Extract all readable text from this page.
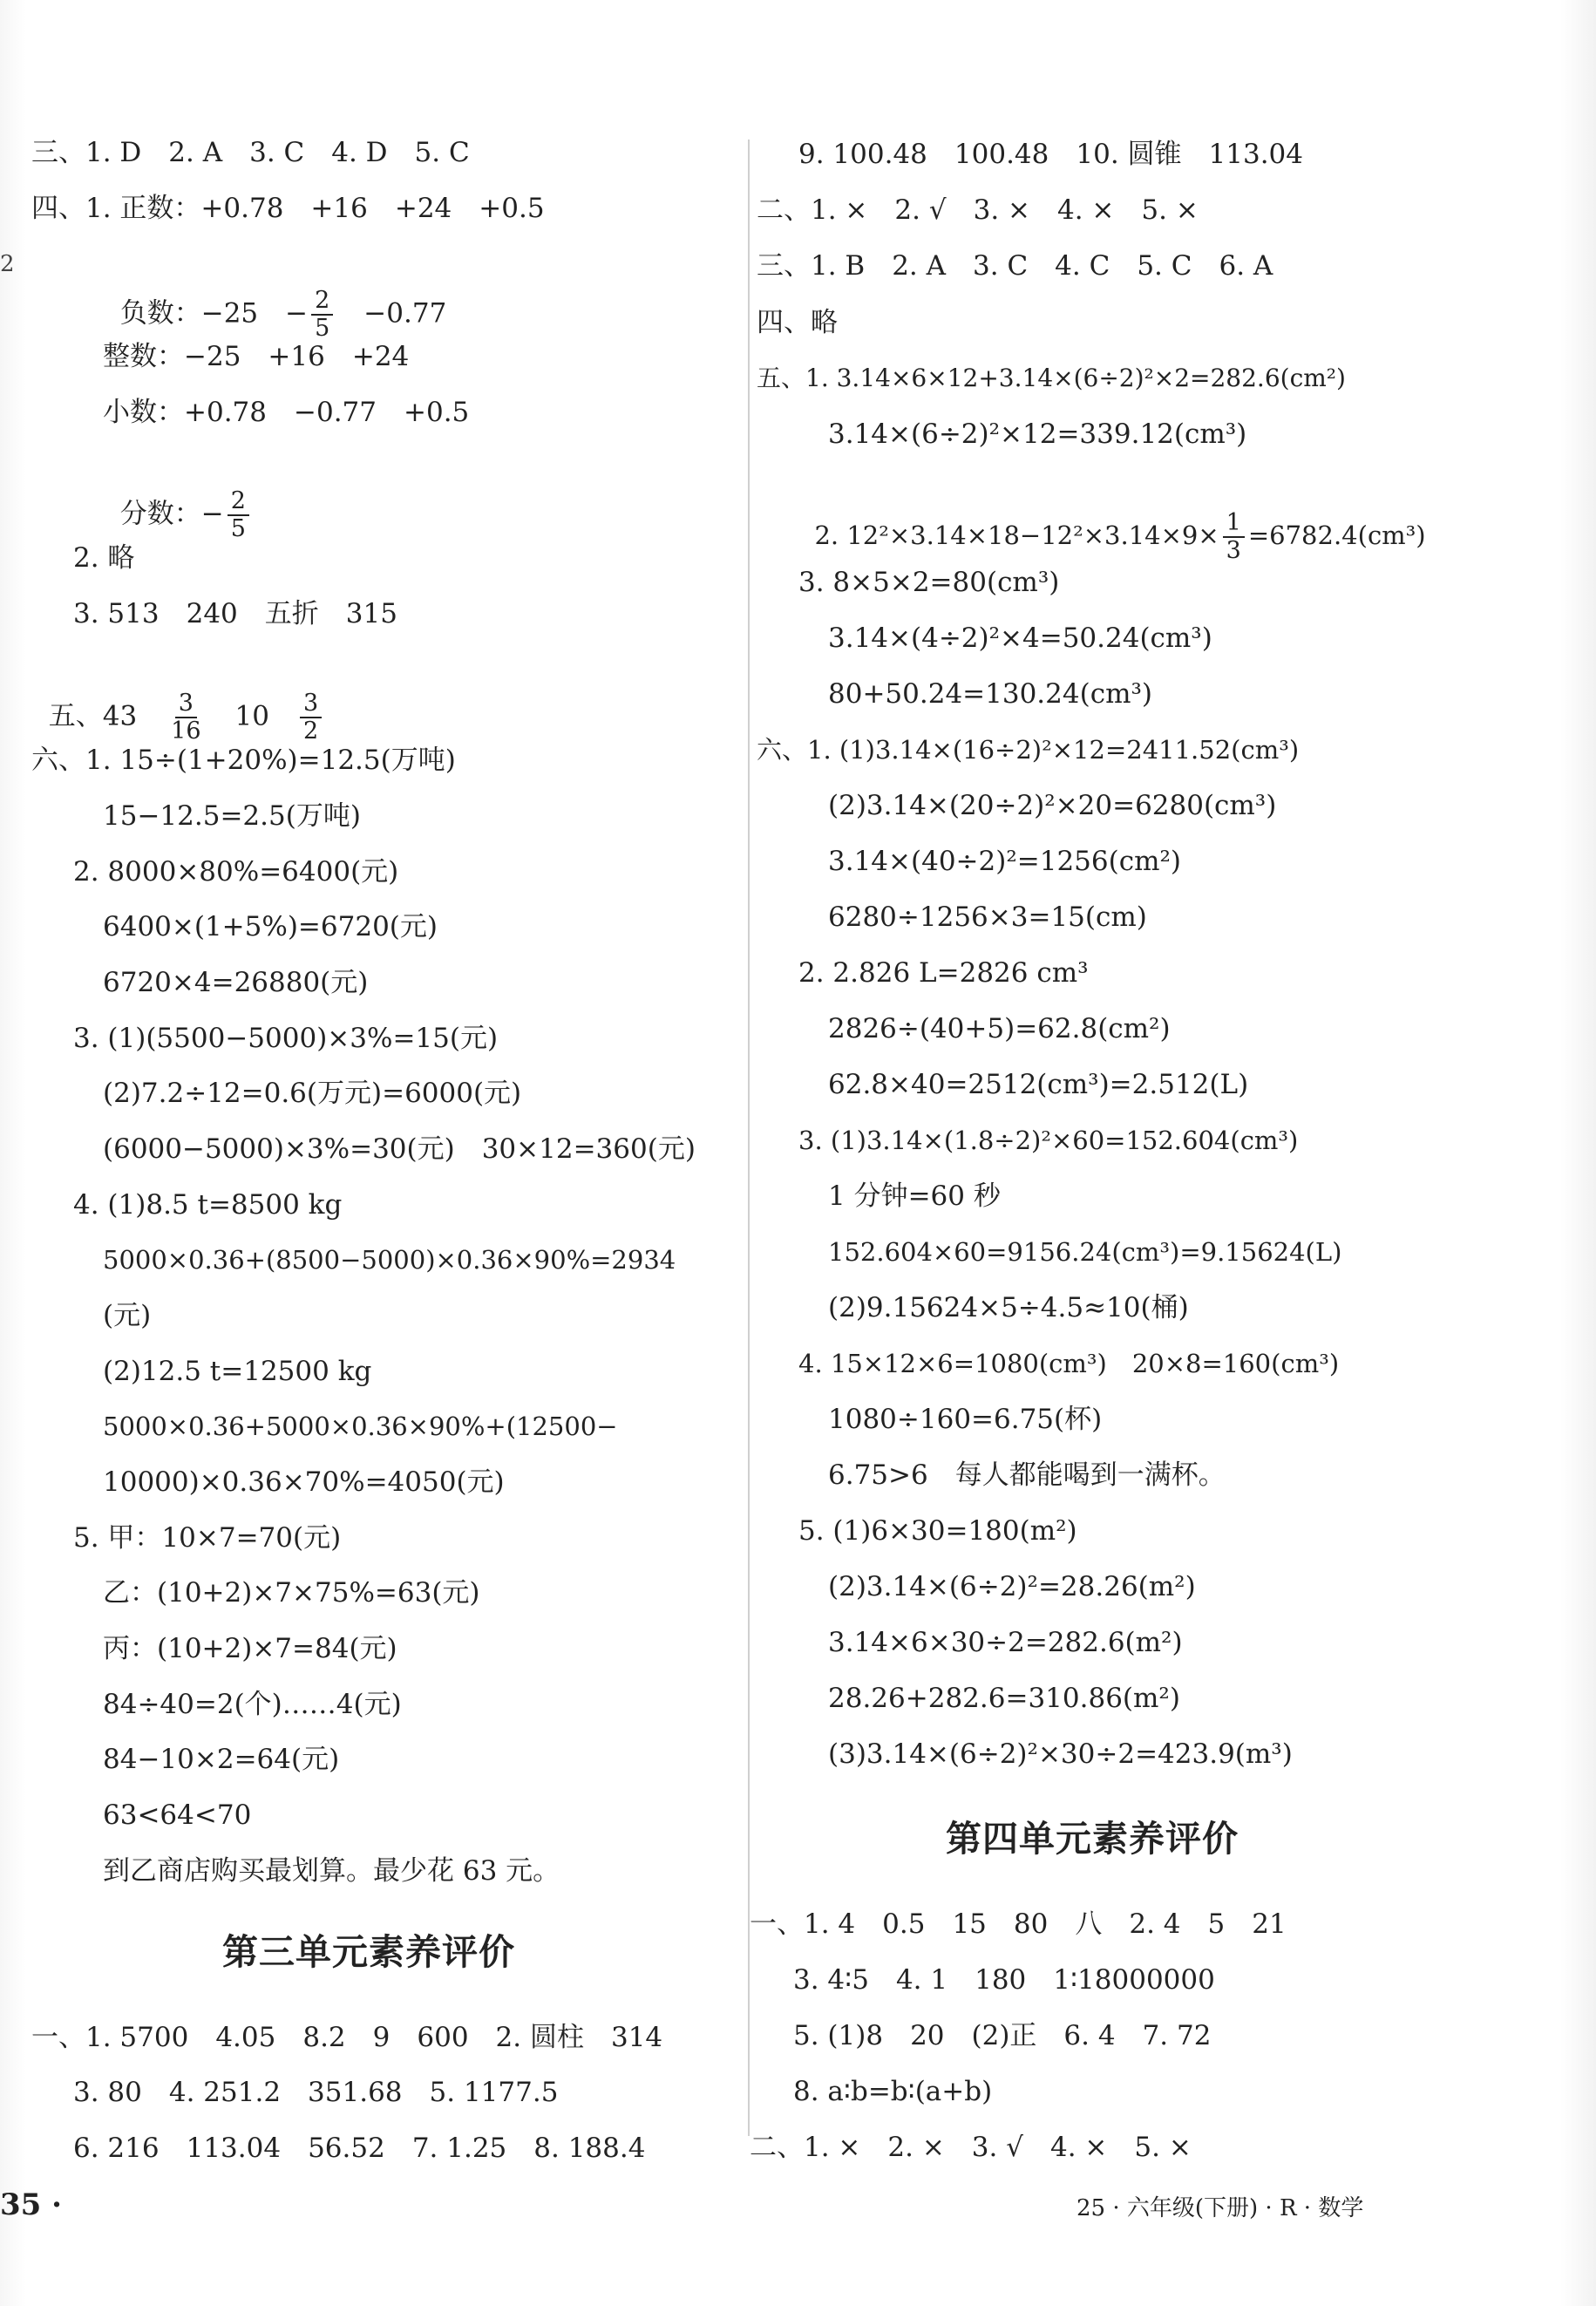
2
三、1. D　2. A　3. C　4. D　5. C
四、1. 正数：+0.78　+16　+24　+0.5

负数：−25　− $\frac{2}{5}$ 　−0.77

整数：−25　+16　+24
小数：+0.78　−0.77　+0.5

分数：− $\frac{2}{5}$

2. 略
3. 513　240　五折　315

五、43　 $\frac{3}{16}$
　 10　 $\frac{3}{2}$

六、1. 15÷(1+20%)=12.5(万吨)
15−12.5=2.5(万吨)
2. 8000×80%=6400(元)
6400×(1+5%)=6720(元)
6720×4=26880(元)
3. (1)(5500−5000)×3%=15(元)
(2)7.2÷12=0.6(万元)=6000(元)
(6000−5000)×3%=30(元)　30×12=360(元)
4. (1)8.5 t=8500 kg
5000×0.36+(8500−5000)×0.36×90%=2934
(元)
(2)12.5 t=12500 kg
5000×0.36+5000×0.36×90%+(12500−
10000)×0.36×70%=4050(元)
5. 甲：10×7=70(元)
乙：(10+2)×7×75%=63(元)
丙：(10+2)×7=84(元)
84÷40=2(个)……4(元)
84−10×2=64(元)
63<64<70
到乙商店购买最划算。最少花 63 元。
第三单元素养评价
一、1. 5700　4.05　8.2　9　600　2. 圆柱　314
3. 80　4. 251.2　351.68　5. 1177.5
6. 216　113.04　56.52　7. 1.25　8. 188.4
9. 100.48　100.48　10. 圆锥　113.04
二、1. ×　2. √　3. ×　4. ×　5. ×
三、1. B　2. A　3. C　4. C　5. C　6. A
四、略
五、1. 3.14×6×12+3.14×(6÷2)²×2=282.6(cm²)
3.14×(6÷2)²×12=339.12(cm³)

2. $12^2\times 3.14\times 18-12^2\times 3.14\times 9\times \frac{1}{3} =6782.4(cm^3)$

3. 8×5×2=80(cm³)
3.14×(4÷2)²×4=50.24(cm³)
80+50.24=130.24(cm³)
六、1. (1)3.14×(16÷2)²×12=2411.52(cm³)
(2)3.14×(20÷2)²×20=6280(cm³)
3.14×(40÷2)²=1256(cm²)
6280÷1256×3=15(cm)
2. 2.826 L=2826 cm³
2826÷(40+5)=62.8(cm²)
62.8×40=2512(cm³)=2.512(L)
3. (1)3.14×(1.8÷2)²×60=152.604(cm³)
1 分钟=60 秒
152.604×60=9156.24(cm³)=9.15624(L)
(2)9.15624×5÷4.5≈10(桶)
4. 15×12×6=1080(cm³)　20×8=160(cm³)
1080÷160=6.75(杯)
6.75>6　每人都能喝到一满杯。
5. (1)6×30=180(m²)
(2)3.14×(6÷2)²=28.26(m²)
3.14×6×30÷2=282.6(m²)
28.26+282.6=310.86(m²)
(3)3.14×(6÷2)²×30÷2=423.9(m³)
第四单元素养评价
一、1. 4　0.5　15　80　八　2. 4　5　21
3. 4∶5　4. 1　180　1∶18000000
5. (1)8　20　(2)正　6. 4　7. 72
8. a∶b=b∶(a+b)
二、1. ×　2. ×　3. √　4. ×　5. ×
35 ·	25 · 六年级(下册) · R · 数学
